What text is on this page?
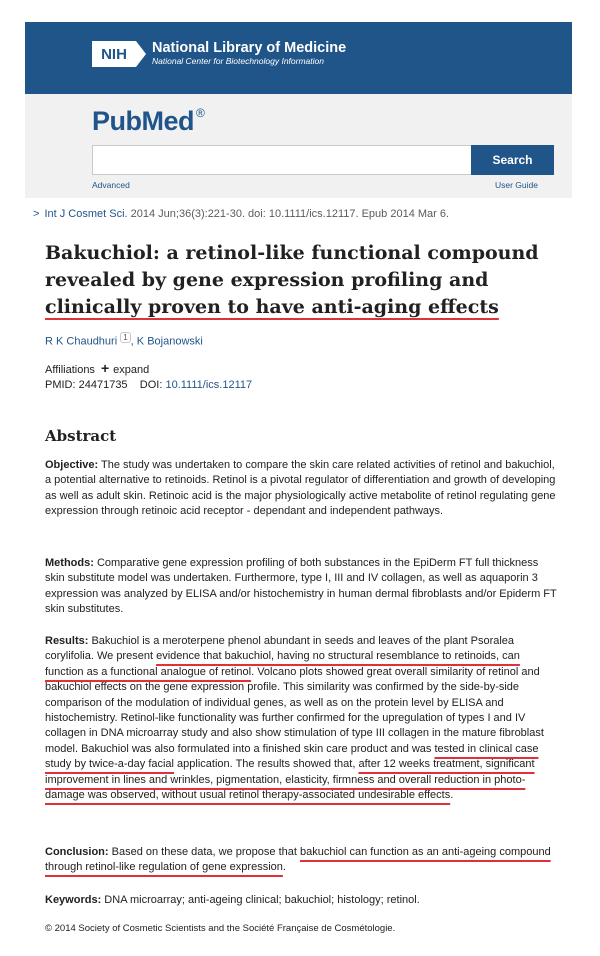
NIH	National Library of Medicine
National Center for Biotechnology Information
PubMed ®
Search
Advanced	User Guide
> Int J Cosmet Sci. 2014 Jun;36(3):221-30. doi: 10.1111/ics.12117. Epub 2014 Mar 6.
Bakuchiol: a retinol-like functional compound revealed by gene expression profiling and clinically proven to have anti-aging effects
R K Chaudhuri $^1$ , K Bojanowski
Affiliations + expand
PMID: 24471735 DOI: 10.1111/ics.12117
Abstract

Objective: The study was undertaken to compare the skin care related activities of retinol and bakuchiol, a potential alternative to retinoids. Retinol is a pivotal regulator of differentiation and growth of developing as well as adult skin. Retinoic acid is the major physiologically active metabolite of retinol regulating gene expression through retinoic acid receptor - dependant and independent pathways.

Methods: Comparative gene expression profiling of both substances in the EpiDerm FT full thickness skin substitute model was undertaken. Furthermore, type I, III and IV collagen, as well as aquaporin 3 expression was analyzed by ELISA and/or histochemistry in human dermal fibroblasts and/or Epiderm FT skin substitutes.

Results: Bakuchiol is a meroterpene phenol abundant in seeds and leaves of the plant Psoralea corylifolia. We present evidence that bakuchiol, having no structural resemblance to retinoids, can function as a functional analogue of retinol. Volcano plots showed great overall similarity of retinol and bakuchiol effects on the gene expression profile. This similarity was confirmed by the side-by-side comparison of the modulation of individual genes, as well as on the protein level by ELISA and histochemistry. Retinol-like functionality was further confirmed for the upregulation of types I and IV collagen in DNA microarray study and also show stimulation of type III collagen in the mature fibroblast model. Bakuchiol was also formulated into a finished skin care product and was tested in clinical case study by twice-a-day facial application. The results showed that, after 12 weeks treatment, significant improvement in lines and wrinkles, pigmentation, elasticity, firmness and overall reduction in photo-damage was observed, without usual retinol therapy-associated undesirable effects.

Conclusion: Based on these data, we propose that bakuchiol can function as an anti-ageing compound through retinol-like regulation of gene expression.

Keywords: DNA microarray; anti-ageing clinical; bakuchiol; histology; retinol.

© 2014 Society of Cosmetic Scientists and the Société Française de Cosmétologie.
